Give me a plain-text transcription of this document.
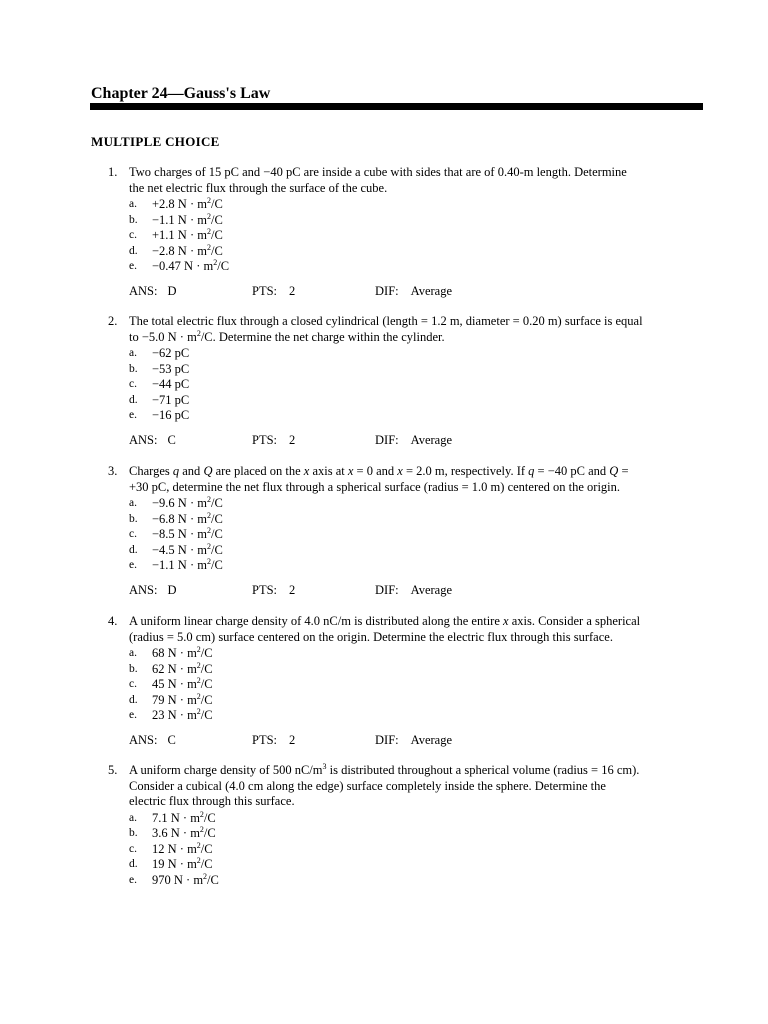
Chapter 24—Gauss's Law
MULTIPLE CHOICE
1. Two charges of 15 pC and −40 pC are inside a cube with sides that are of 0.40-m length. Determine
the net electric flux through the surface of the cube.
a. +2.8 $N \cdot m^2/C$
b. −1.1 $N \cdot m^2/C$
c. +1.1 $N \cdot m^2/C$
d. −2.8 $N \cdot m^2/C$
e. −0.47 $N \cdot m^2/C$
ANS: D	PTS: 2	DIF: Average
2. The total electric flux through a closed cylindrical (length = 1.2 m, diameter = 0.20 m) surface is equal
to −5.0 $N \cdot m^2/C$. Determine the net charge within the cylinder.
a. −62 pC
b. −53 pC
c. −44 pC
d. −71 pC
e. −16 pC
ANS: C	PTS: 2	DIF: Average
3. Charges q and Q are placed on the x axis at x = 0 and x = 2.0 m, respectively. If q = −40 pC and Q =
+30 pC, determine the net flux through a spherical surface (radius = 1.0 m) centered on the origin.
a. −9.6 $N \cdot m^2/C$
b. −6.8 $N \cdot m^2/C$
c. −8.5 $N \cdot m^2/C$
d. −4.5 $N \cdot m^2/C$
e. −1.1 $N \cdot m^2/C$
ANS: D	PTS: 2	DIF: Average
4. A uniform linear charge density of 4.0 nC/m is distributed along the entire x axis. Consider a spherical
(radius = 5.0 cm) surface centered on the origin. Determine the electric flux through this surface.
a. 68 $N \cdot m^2/C$
b. 62 $N \cdot m^2/C$
c. 45 $N \cdot m^2/C$
d. 79 $N \cdot m^2/C$
e. 23 $N \cdot m^2/C$
ANS: C	PTS: 2	DIF: Average
5. A uniform charge density of 500 $nC/m^3$ is distributed throughout a spherical volume (radius = 16 cm).
Consider a cubical (4.0 cm along the edge) surface completely inside the sphere. Determine the
electric flux through this surface.
a. 7.1 $N \cdot m^2/C$
b. 3.6 $N \cdot m^2/C$
c. 12 $N \cdot m^2/C$
d. 19 $N \cdot m^2/C$
e. 970 $N \cdot m^2/C$
